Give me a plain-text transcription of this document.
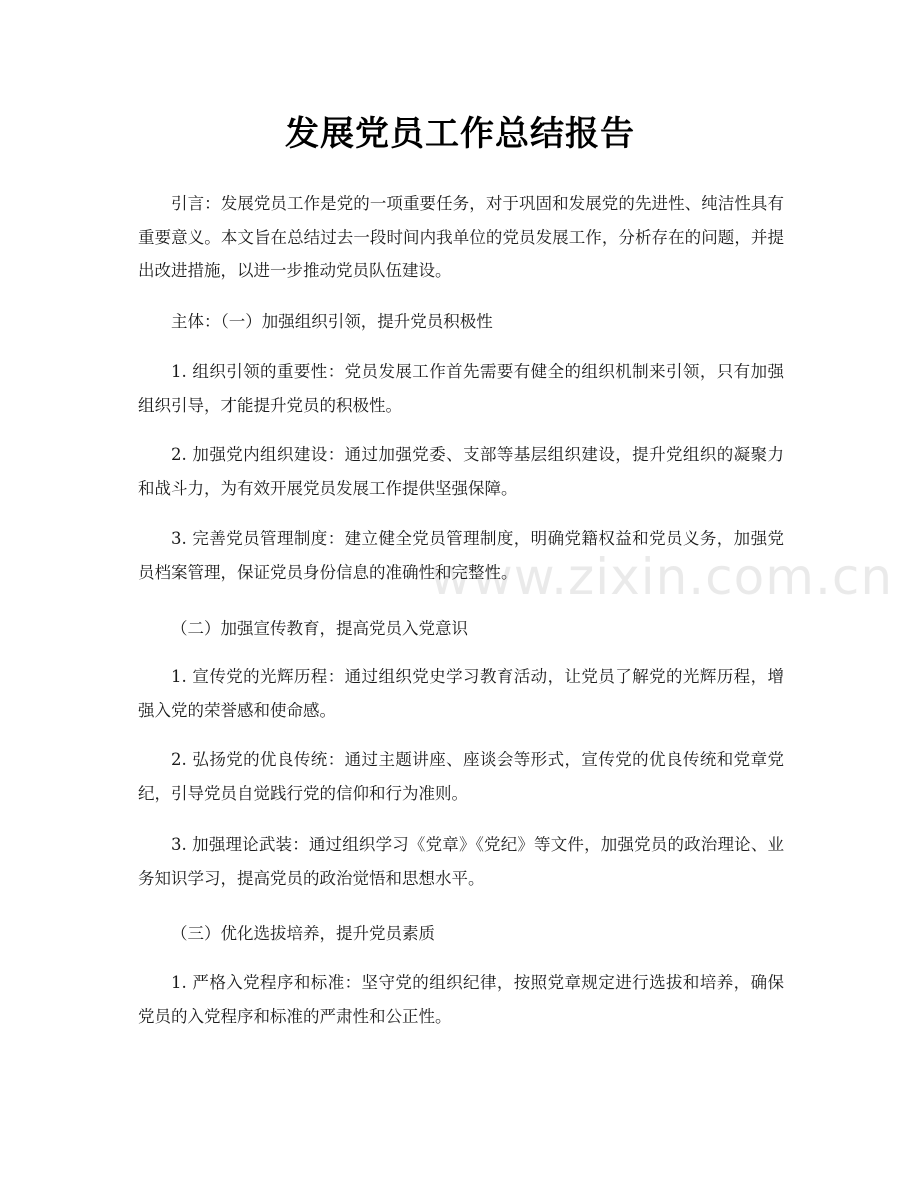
发展党员工作总结报告

引言：发展党员工作是党的一项重要任务，对于巩固和发展党的先进性、纯洁性具有重要意义。本文旨在总结过去一段时间内我单位的党员发展工作，分析存在的问题，并提出改进措施，以进一步推动党员队伍建设。

主体：（一）加强组织引领，提升党员积极性

1. 组织引领的重要性：党员发展工作首先需要有健全的组织机制来引领，只有加强组织引导，才能提升党员的积极性。

2. 加强党内组织建设：通过加强党委、支部等基层组织建设，提升党组织的凝聚力和战斗力，为有效开展党员发展工作提供坚强保障。

3. 完善党员管理制度：建立健全党员管理制度，明确党籍权益和党员义务，加强党员档案管理，保证党员身份信息的准确性和完整性。

（二）加强宣传教育，提高党员入党意识

1. 宣传党的光辉历程：通过组织党史学习教育活动，让党员了解党的光辉历程，增强入党的荣誉感和使命感。

2. 弘扬党的优良传统：通过主题讲座、座谈会等形式，宣传党的优良传统和党章党纪，引导党员自觉践行党的信仰和行为准则。

3. 加强理论武装：通过组织学习《党章》《党纪》等文件，加强党员的政治理论、业务知识学习，提高党员的政治觉悟和思想水平。

（三）优化选拔培养，提升党员素质

1. 严格入党程序和标准：坚守党的组织纪律，按照党章规定进行选拔和培养，确保党员的入党程序和标准的严肃性和公正性。

www.zixin.com.cn
